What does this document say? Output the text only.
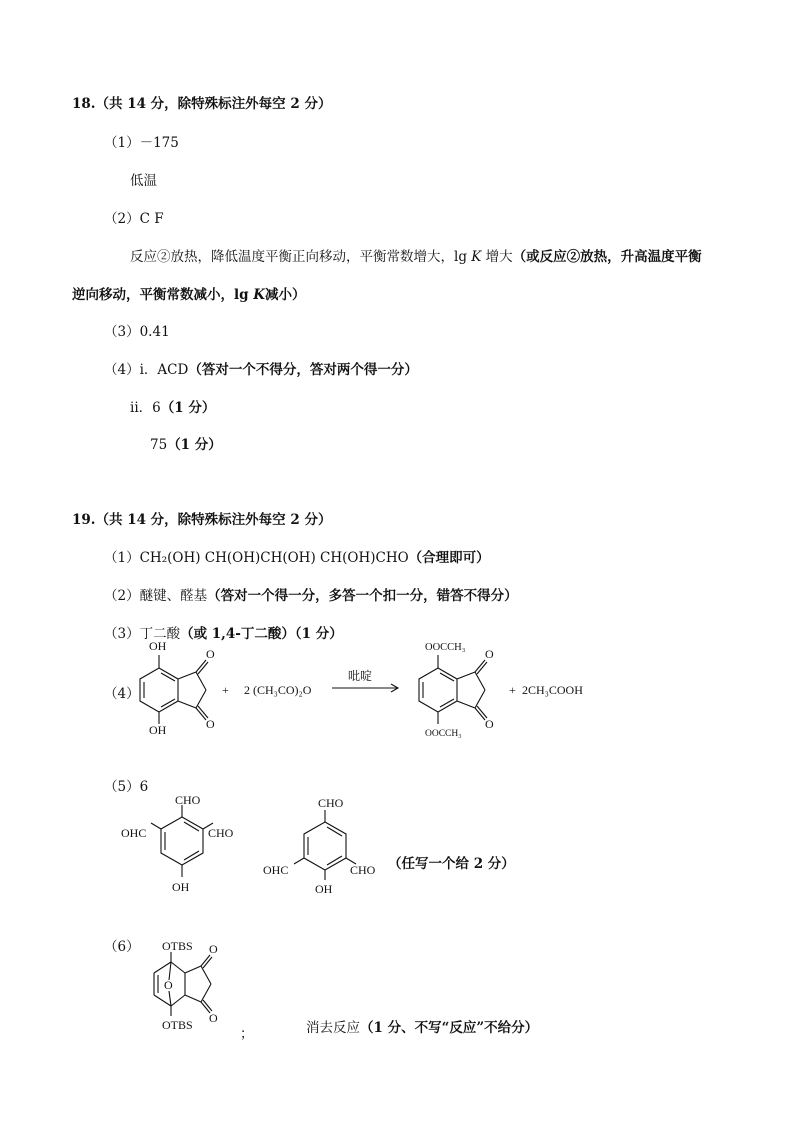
18.（共 14 分，除特殊标注外每空 2 分）
（1）－175
低温
（2）C F
反应②放热，降低温度平衡正向移动，平衡常数增大，lg K 增大（或反应②放热，升高温度平衡
逆向移动，平衡常数减小，lg K减小）
（3）0.41
（4）i．ACD（答对一个不得分，答对两个得一分）
ii．6（1 分）
75（1 分）
19.（共 14 分，除特殊标注外每空 2 分）
（1）CH₂(OH) CH(OH)CH(OH) CH(OH)CHO（合理即可）
（2）醚键、醛基（答对一个得一分，多答一个扣一分，错答不得分）
（3）丁二酸（或 1,4-丁二酸）（1 分）
（4）
OH
OH
O
O
+ 2 (CH₃CO)₂O
吡啶
OOCCH₃
OOCCH₃
O
O
+ 2CH₃COOH
（5）6
CHO
OHC	CHO
OH
CHO
OHC	CHO
OH
（任写一个给 2 分）
（6） OTBS
O
OTBS
O
O
；	消去反应（1 分、不写“反应”不给分）
